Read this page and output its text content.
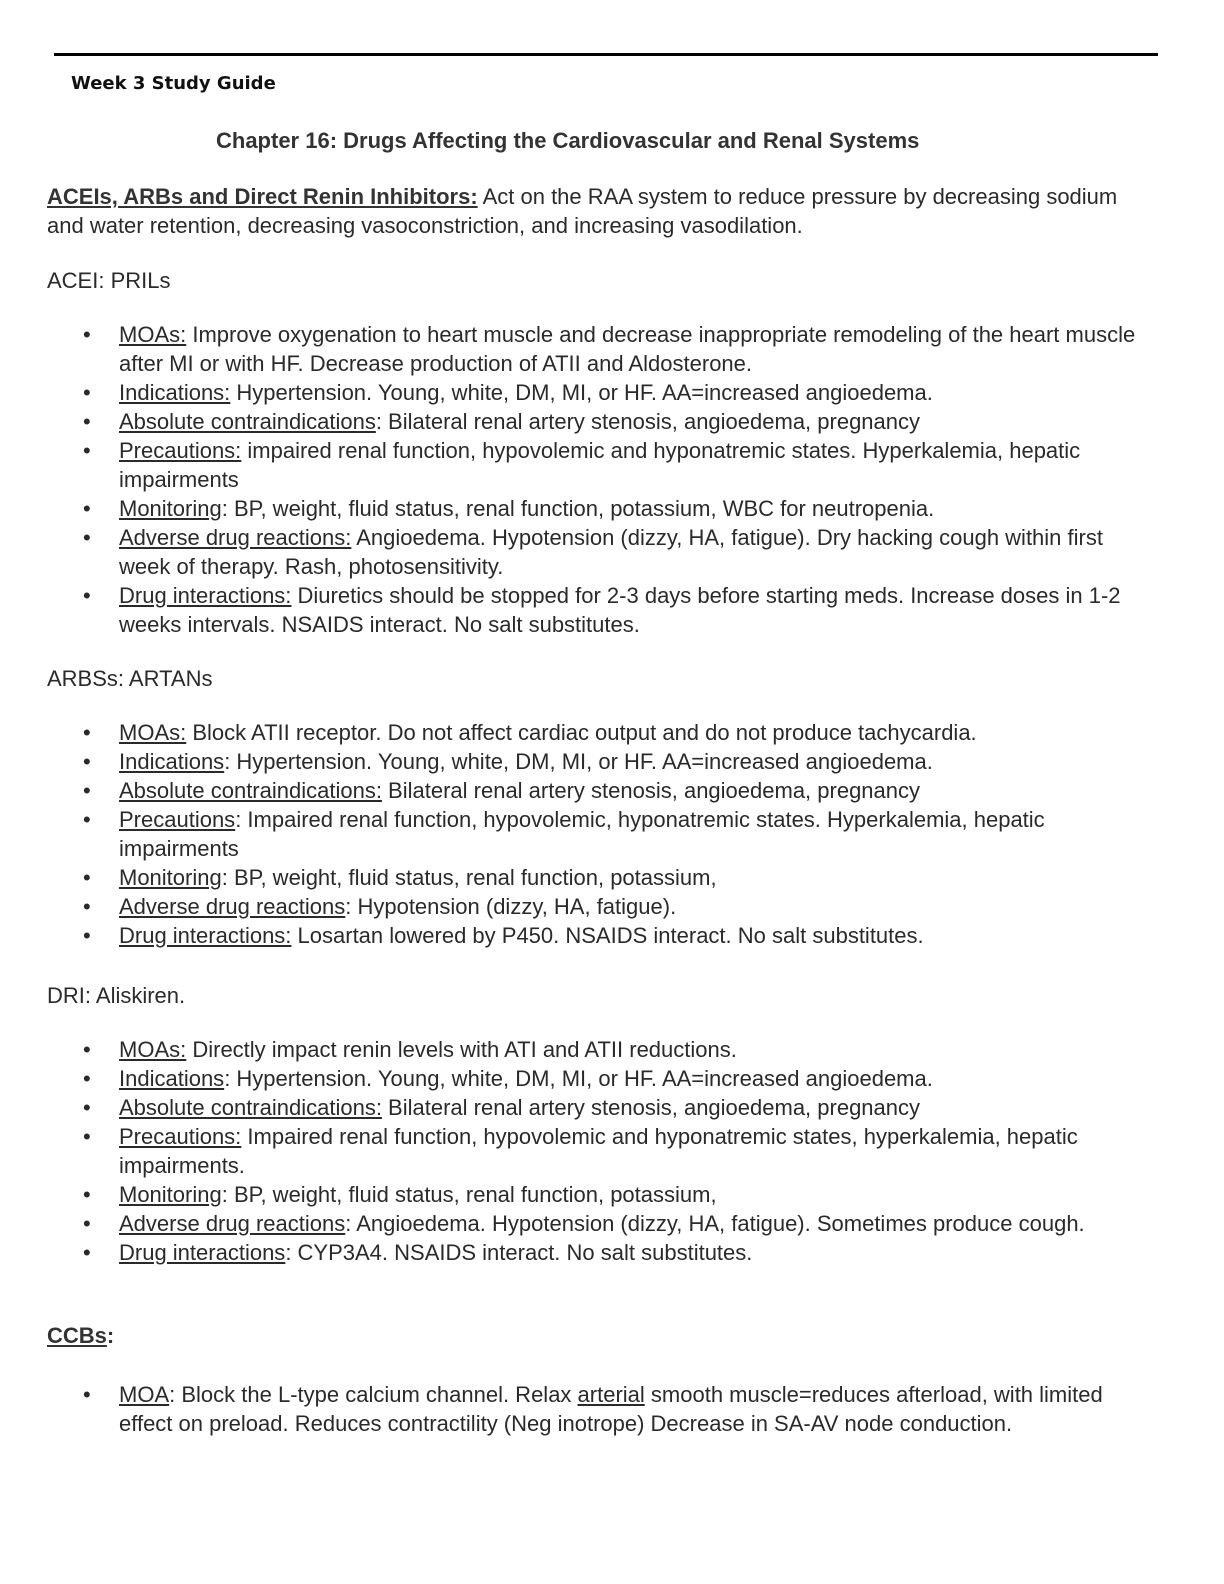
Week 3 Study Guide
Chapter 16: Drugs Affecting the Cardiovascular and Renal Systems
ACEIs, ARBs and Direct Renin Inhibitors: Act on the RAA system to reduce pressure by decreasing sodium and water retention, decreasing vasoconstriction, and increasing vasodilation.
ACEI: PRILs
• MOAs: Improve oxygenation to heart muscle and decrease inappropriate remodeling of the heart muscle after MI or with HF. Decrease production of ATII and Aldosterone.
• Indications: Hypertension. Young, white, DM, MI, or HF. AA=increased angioedema.
• Absolute contraindications: Bilateral renal artery stenosis, angioedema, pregnancy
• Precautions: impaired renal function, hypovolemic and hyponatremic states. Hyperkalemia, hepatic impairments
• Monitoring: BP, weight, fluid status, renal function, potassium, WBC for neutropenia.
• Adverse drug reactions: Angioedema. Hypotension (dizzy, HA, fatigue). Dry hacking cough within first week of therapy. Rash, photosensitivity.
• Drug interactions: Diuretics should be stopped for 2-3 days before starting meds. Increase doses in 1-2 weeks intervals. NSAIDS interact. No salt substitutes.
ARBSs: ARTANs
• MOAs: Block ATII receptor. Do not affect cardiac output and do not produce tachycardia.
• Indications: Hypertension. Young, white, DM, MI, or HF. AA=increased angioedema.
• Absolute contraindications: Bilateral renal artery stenosis, angioedema, pregnancy
• Precautions: Impaired renal function, hypovolemic, hyponatremic states. Hyperkalemia, hepatic impairments
• Monitoring: BP, weight, fluid status, renal function, potassium,
• Adverse drug reactions: Hypotension (dizzy, HA, fatigue).
• Drug interactions: Losartan lowered by P450. NSAIDS interact. No salt substitutes.
DRI: Aliskiren.
• MOAs: Directly impact renin levels with ATI and ATII reductions.
• Indications: Hypertension. Young, white, DM, MI, or HF. AA=increased angioedema.
• Absolute contraindications: Bilateral renal artery stenosis, angioedema, pregnancy
• Precautions: Impaired renal function, hypovolemic and hyponatremic states, hyperkalemia, hepatic impairments.
• Monitoring: BP, weight, fluid status, renal function, potassium,
• Adverse drug reactions: Angioedema. Hypotension (dizzy, HA, fatigue). Sometimes produce cough.
• Drug interactions: CYP3A4. NSAIDS interact. No salt substitutes.
CCBs:
• MOA: Block the L-type calcium channel. Relax arterial smooth muscle=reduces afterload, with limited effect on preload. Reduces contractility (Neg inotrope) Decrease in SA-AV node conduction.
